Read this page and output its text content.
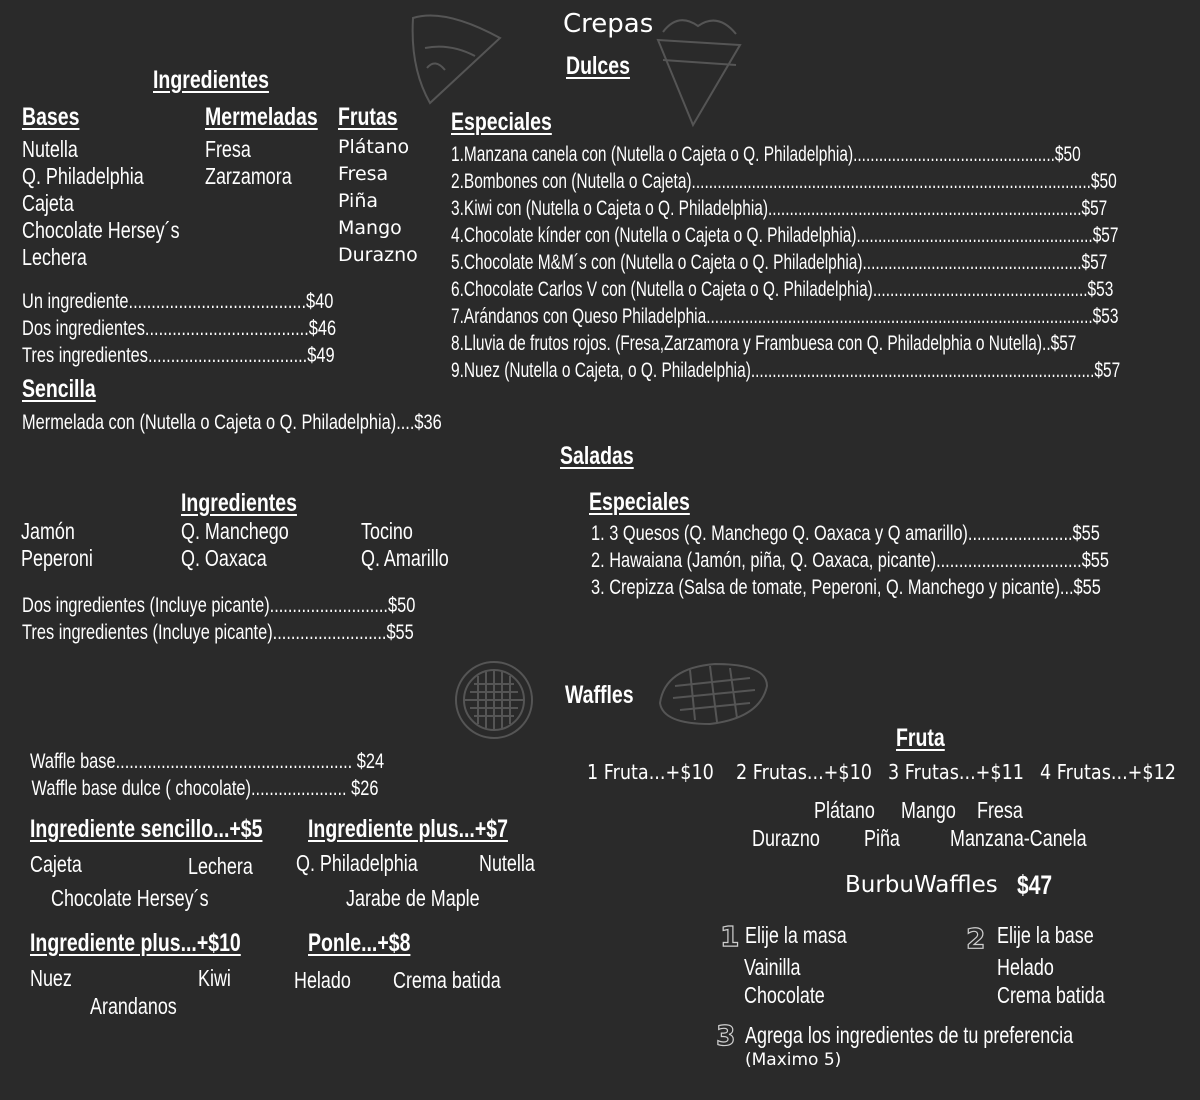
Crepas
Dulces
Ingredientes
Bases
Nutella
Q. Philadelphia
Cajeta
Chocolate Hersey´s
Lechera
Mermeladas
Fresa
Zarzamora
Frutas
Plátano
Fresa
Piña
Mango
Durazno
Un ingrediente.......................................$40
Dos ingredientes....................................$46
Tres ingredientes...................................$49
Sencilla
Mermelada con (Nutella o Cajeta o Q. Philadelphia)....$36
Especiales
1.Manzana canela con (Nutella o Cajeta o Q. Philadelphia)...............................................$50
2.Bombones con (Nutella o Cajeta).............................................................................................$50
3.Kiwi con (Nutella o Cajeta o Q. Philadelphia).........................................................................$57
4.Chocolate kínder con (Nutella o Cajeta o Q. Philadelphia).......................................................$57
5.Chocolate M&M´s con (Nutella o Cajeta o Q. Philadelphia)...................................................$57
6.Chocolate Carlos V con (Nutella o Cajeta o Q. Philadelphia)..................................................$53
7.Arándanos con Queso Philadelphia..........................................................................................$53
8.Lluvia de frutos rojos. (Fresa,Zarzamora y Frambuesa con Q. Philadelphia o Nutella)..$57
9.Nuez (Nutella o Cajeta, o Q. Philadelphia)................................................................................$57
Saladas
Ingredientes
Jamón
Peperoni
Q. Manchego
Q. Oaxaca
Tocino
Q. Amarillo
Dos ingredientes (Incluye picante)..........................$50
Tres ingredientes (Incluye picante).........................$55
Especiales
1. 3 Quesos (Q. Manchego Q. Oaxaca y Q amarillo).......................$55
2. Hawaiana (Jamón, piña, Q. Oaxaca, picante)................................$55
3. Crepizza (Salsa de tomate, Peperoni, Q. Manchego y picante)...$55
Waffles
Waffle base.................................................... $24
Waffle base dulce ( chocolate)..................... $26
Ingrediente sencillo...+$5
Cajeta	Lechera
Chocolate Hersey´s
Ingrediente plus...+$7
Q. Philadelphia	Nutella
Jarabe de Maple
Ingrediente plus...+$10
Nuez	Kiwi
Arandanos
Ponle...+$8
Helado Crema batida
Fruta
1 Fruta...+$10 2 Frutas...+$10 3 Frutas...+$11 4 Frutas...+$12
Plátano Mango Fresa
Durazno Piña Manzana-Canela
BurbuWaffles $47
1 Elije la masa
Vainilla
Chocolate
2 Elije la base
Helado
Crema batida
3 Agrega los ingredientes de tu preferencia
(Maximo 5)
